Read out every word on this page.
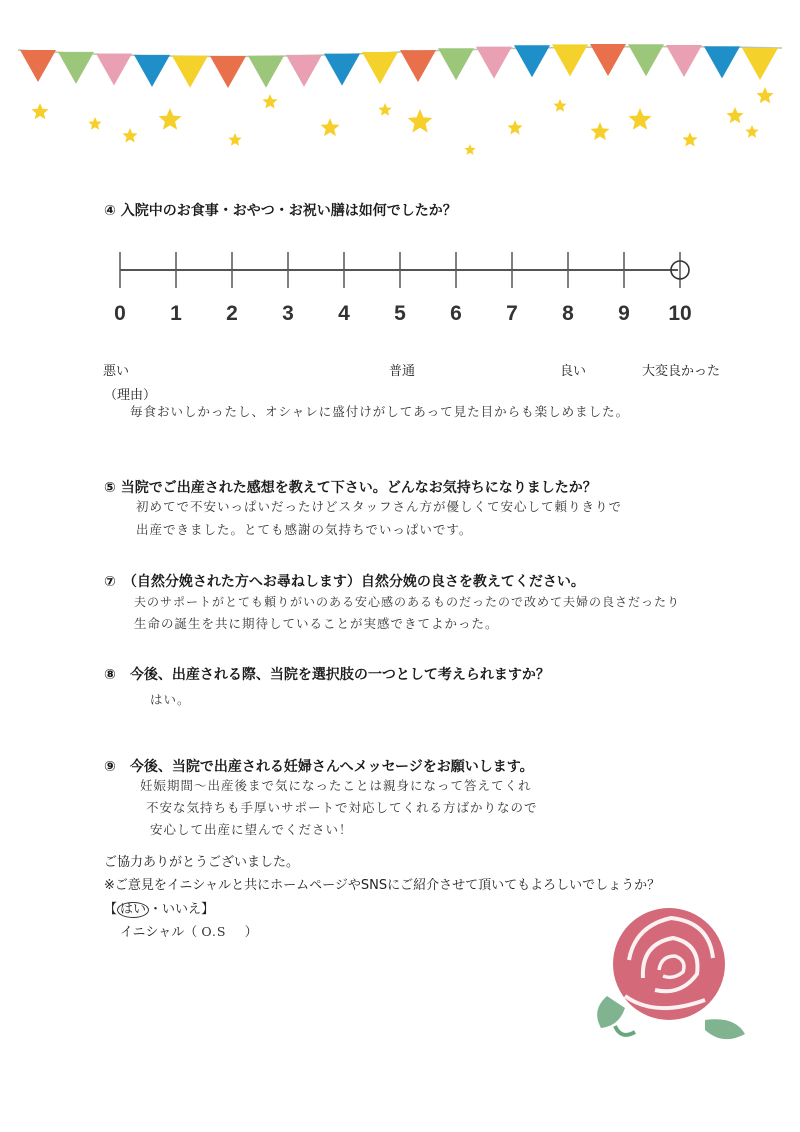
④ 入院中のお食事・おやつ・お祝い膳は如何でしたか？
0 1 2 3 4 5 6 7 8 9 10
悪い	普通	良い	大変良かった
（理由）
毎食おいしかったし、オシャレに盛付けがしてあって見た目からも楽しめました。
⑤ 当院でご出産された感想を教えて下さい。どんなお気持ちになりましたか？
初めてで不安いっぱいだったけどスタッフさん方が優しくて安心して頼りきりで
出産できました。とても感謝の気持ちでいっぱいです。
⑦　（自然分娩された方へお尋ねします）自然分娩の良さを教えてください。
夫のサポートがとても頼りがいのある安心感のあるものだったので改めて夫婦の良さだったり
生命の誕生を共に期待していることが実感できてよかった。
⑧　今後、出産される際、当院を選択肢の一つとして考えられますか？
はい。
⑨　今後、当院で出産される妊婦さんへメッセージをお願いします。
妊娠期間～出産後まで気になったことは親身になって答えてくれ
不安な気持ちも手厚いサポートで対応してくれる方ばかりなので
安心して出産に望んでください！
ご協力ありがとうございました。
※ご意見をイニシャルと共にホームページやSNSにご紹介させて頂いてもよろしいでしょうか？
【 はい ・いいえ】
イニシャル（ O.S ）
